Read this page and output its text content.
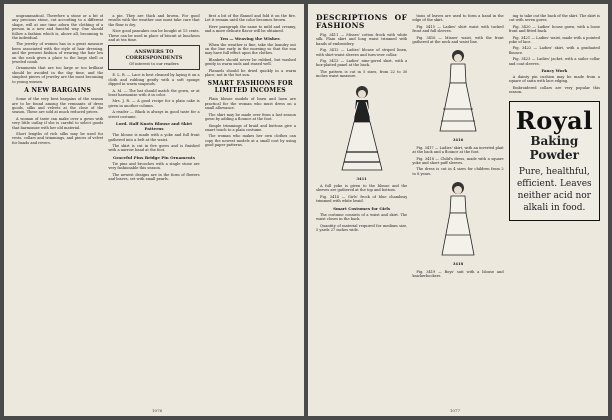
ungrammatical. Therefore a stone or a bit of any precious stone, cut according to a different shape, will at one time adorn the clothing of a person in a new and fanciful way. One should follow a fashion which is, above all, becoming to the individual.

The jewelry of women has in a great measure been associated with the style of hair dressing, and the present fashion of wearing the hair low on the neck gives a place to the large shell or jeweled comb.

Ornaments that are too large or too brilliant should be avoided in the day time, and the simplest pieces of jewelry are the most becoming to young women.

A NEW BARGAINS

Some of the very best bargains of the season are to be found among the remnants of dress goods, silks and velvets at the close of the season. These are sold at much reduced prices.

A woman of taste can make over a gown with very little outlay if she is careful to select goods that harmonize with her old material.

Short lengths of rich silks may be used for vests, collars and trimmings, and pieces of velvet for bands and revers.

a pie. They are thick and brown. For good results with the weather one must take care that the flour is dry.

Nice good pancakes can be bought at 15 cents. These can be used in place of biscuit at luncheon and at tea time.

ANSWERS TO CORRESPONDENTS
Of interest to our readers

E. L. B. — Lace is best cleaned by laying it on a cloth and rubbing gently with a soft sponge dipped in warm soapsuds.

A. M. — The hat should match the gown, or at least harmonize with it in color.

Mrs. J. R. — A good recipe for a plain cake is given in another column.

A reader — Black is always in good taste for a street costume.

Lord. Half Knots Blouse and Skirt Patterns

The blouse is made with a yoke and full front gathered into a belt at the waist.

The skirt is cut in five gores and is finished with a narrow band at the foot.

Graceful Pins Bridge Pin Ornaments

Tie pins and brooches with a single stone are very fashionable this season.

The newest designs are in the form of flowers and leaves, set with small pearls.

first a bit of the flannel and fold it on the fire. Let it remain until the color becomes brown.

Here paragraph the same to mild and creamy, and a more delicate flavor will be obtained.

Ten — Weaving the Wisher.

When the weather is fine, take the laundry out on the line early in the morning so that the sun may have full effect upon the clothes.

Blankets should never be rubbed, but washed gently in warm suds and rinsed well.

Flannels should be dried quickly in a warm place, not in the hot sun.

SMART FASHIONS FOR LIMITED INCOMES

Plain blouse models of linen and lawn are practical for the woman who must dress on a small allowance.

The skirt may be made over from a last season gown by adding a flounce at the foot.

Simple trimmings of braid and buttons give a smart touch to a plain costume.

The woman who makes her own clothes can copy the newest models at a small cost by using good paper patterns.

1076
DESCRIPTIONS OF FASHIONS

Fig. 3411 — Misses' cotton frock with white silk. Plain skirt and long waist trimmed with bands of embroidery.

Fig. 3412 — Ladies' blouse of striped linen, with shirt-waist sleeves and turn-over collar.

Fig. 3413 — Ladies' nine-gored skirt, with a box-plaited panel at the back.

The pattern is cut in 5 sizes, from 22 to 30 inches waist measure.

3411

A full yoke is given to the blouse and the sleeves are gathered at the top and bottom.

Fig. 3414 — Girls' frock of blue chambray trimmed with white braid.

Smart Costumes for Girls

The costume consists of a waist and skirt. The waist closes in the back.

Quantity of material required for medium size, 5 yards 27 inches wide.

tions of leaves are used to form a band in the edge of the skirt.

Fig. 3415 — Ladies' shirt waist with tucked front and full sleeves.

Fig. 3416 — Misses' waist, with the front gathered at the neck and waist line.

3416

Fig. 3417 — Ladies' skirt, with an inverted plait at the back and a flounce at the foot.

Fig. 3418 — Child's dress, made with a square yoke and short puff sleeves.

The dress is cut in 4 sizes for children from 2 to 8 years.

3418

Fig. 3419 — Boys' suit with a blouse and knickerbockers.

ing to take out the back of the skirt. The skirt is cut with seven gores.

Fig. 3420 — Ladies' house gown, with a loose front and fitted back.

Fig. 3421 — Ladies' waist, made with a pointed yoke of lace.

Fig. 3422 — Ladies' skirt, with a graduated flounce.

Fig. 3423 — Ladies' jacket, with a sailor collar and coat sleeves.

Fancy Work

A dainty pin cushion may be made from a square of satin with lace edging.

Embroidered collars are very popular this season.

Royal
Baking Powder
Pure, healthful, efficient. Leaves neither acid nor alkali in food.
1077
